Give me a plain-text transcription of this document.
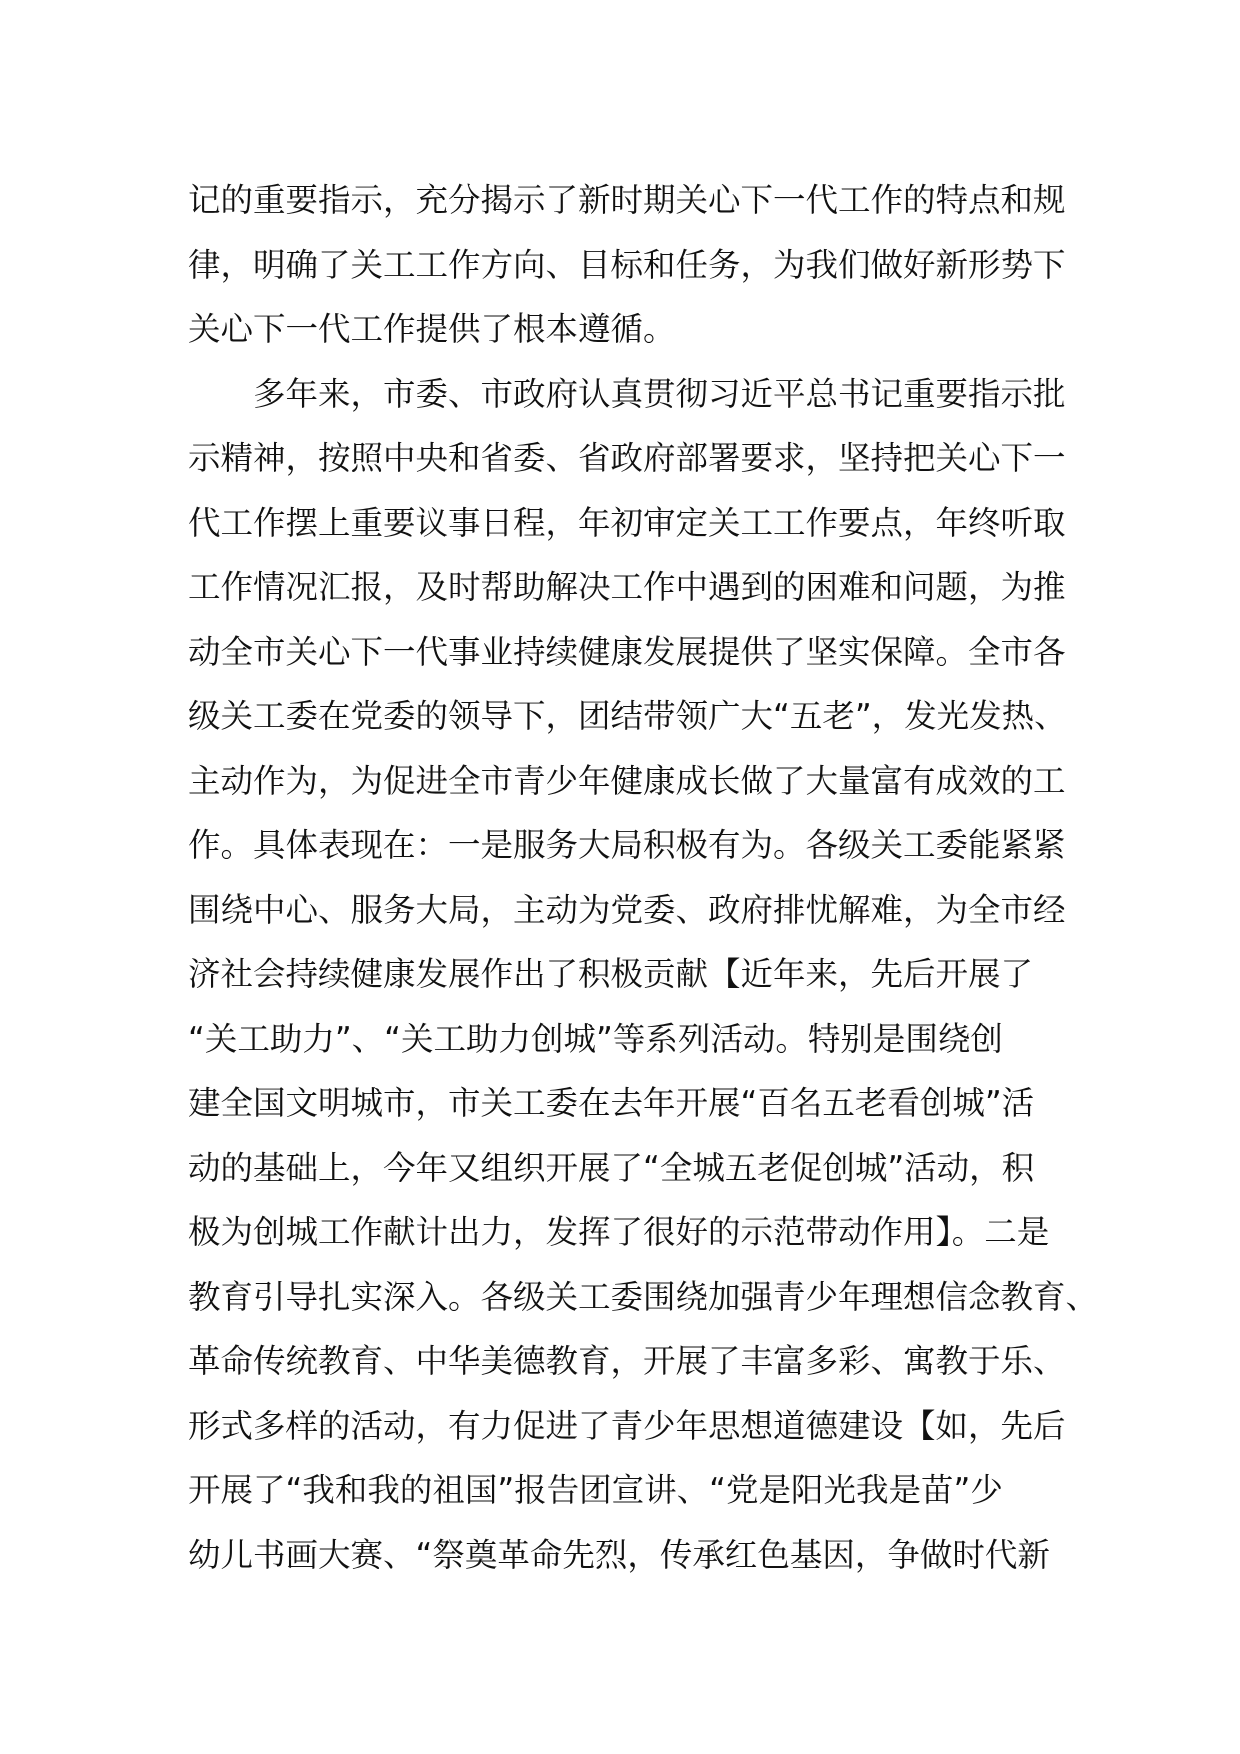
记的重要指示，充分揭示了新时期关心下一代工作的特点和规
律，明确了关工工作方向、目标和任务，为我们做好新形势下
关心下一代工作提供了根本遵循。
　　多年来，市委、市政府认真贯彻习近平总书记重要指示批
示精神，按照中央和省委、省政府部署要求，坚持把关心下一
代工作摆上重要议事日程，年初审定关工工作要点，年终听取
工作情况汇报，及时帮助解决工作中遇到的困难和问题，为推
动全市关心下一代事业持续健康发展提供了坚实保障。全市各
级关工委在党委的领导下，团结带领广大“五老”，发光发热、
主动作为，为促进全市青少年健康成长做了大量富有成效的工
作。具体表现在：一是服务大局积极有为。各级关工委能紧紧
围绕中心、服务大局，主动为党委、政府排忧解难，为全市经
济社会持续健康发展作出了积极贡献【近年来，先后开展了
“关工助力”、“关工助力创城”等系列活动。特别是围绕创
建全国文明城市，市关工委在去年开展“百名五老看创城”活
动的基础上，今年又组织开展了“全城五老促创城”活动，积
极为创城工作献计出力，发挥了很好的示范带动作用】。二是
教育引导扎实深入。各级关工委围绕加强青少年理想信念教育、
革命传统教育、中华美德教育，开展了丰富多彩、寓教于乐、
形式多样的活动，有力促进了青少年思想道德建设【如，先后
开展了“我和我的祖国”报告团宣讲、“党是阳光我是苗”少
幼儿书画大赛、“祭奠革命先烈，传承红色基因，争做时代新
